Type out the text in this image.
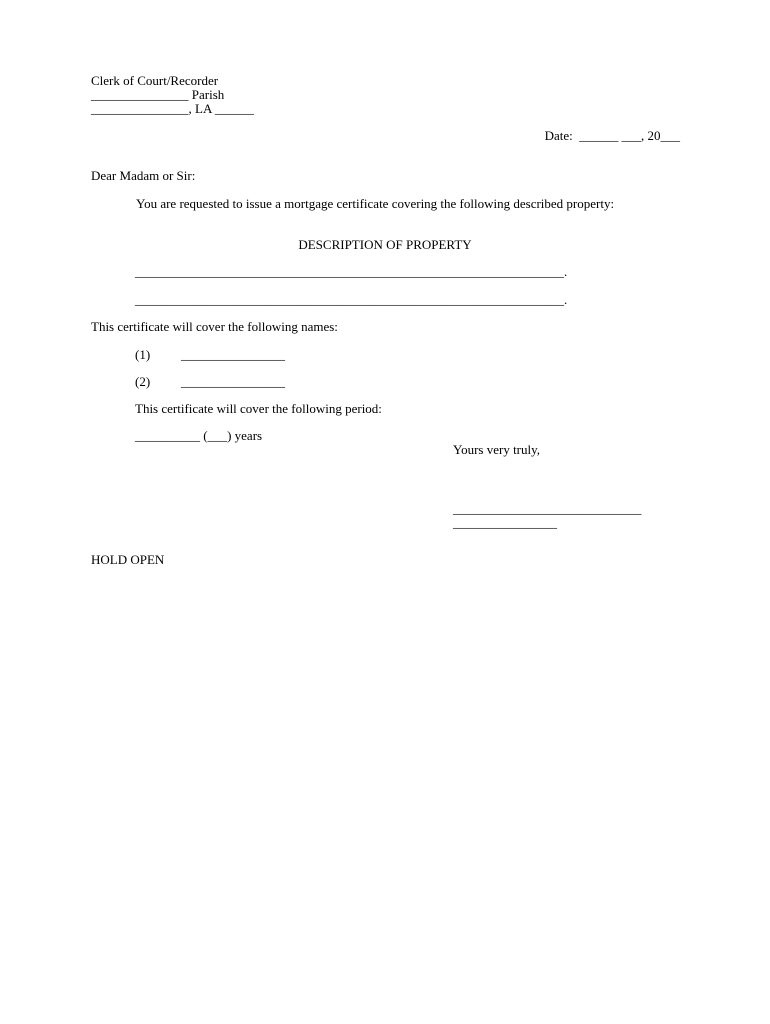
Clerk of Court/Recorder
_______________ Parish
_______________, LA ______
Date:  ______ ___, 20___
Dear Madam or Sir:
You are requested to issue a mortgage certificate covering the following described property:
DESCRIPTION OF PROPERTY
__________________________________________________________________.
__________________________________________________________________.
This certificate will cover the following names:
(1) ________________
(2) ________________
This certificate will cover the following period:
__________ (___) years
Yours very truly,
_____________________________
________________
HOLD OPEN
